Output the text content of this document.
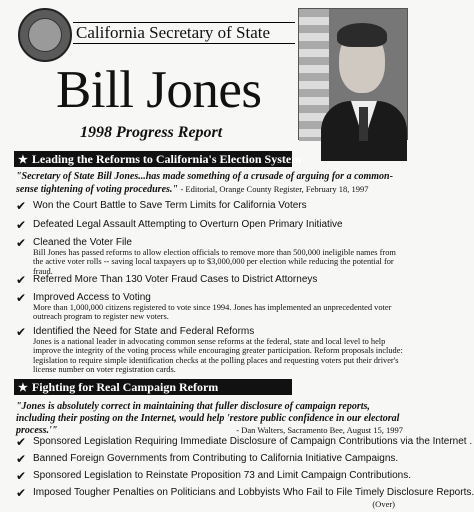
California Secretary of State
Bill Jones
1998 Progress Report
★ Leading the Reforms to California's Election System
"Secretary of State Bill Jones...has made something of a crusade of arguing for a common-sense tightening of voting procedures." - Editorial, Orange County Register, February 18, 1997
✔ Won the Court Battle to Save Term Limits for California Voters
✔ Defeated Legal Assault Attempting to Overturn Open Primary Initiative
✔ Cleaned the Voter File
Bill Jones has passed reforms to allow election officials to remove more than 500,000 ineligible names from the active voter rolls -- saving local taxpayers up to $3,000,000 per election while reducing the potential for fraud.
✔ Referred More Than 130 Voter Fraud Cases to District Attorneys
✔ Improved Access to Voting
More than 1,000,000 citizens registered to vote since 1994. Jones has implemented an unprecedented voter outreach program to register new voters.
✔ Identified the Need for State and Federal Reforms
Jones is a national leader in advocating common sense reforms at the federal, state and local level to help improve the integrity of the voting process while encouraging greater participation. Reform proposals include: legislation to require simple identification checks at the polling places and requesting voters put their driver's license number on voter registration cards.
★ Fighting for Real Campaign Reform
"Jones is absolutely correct in maintaining that fuller disclosure of campaign reports, including their posting on the Internet, would help 'restore public confidence in our electoral process.'"	- Dan Walters, Sacramento Bee, August 15, 1997
✔ Sponsored Legislation Requiring Immediate Disclosure of Campaign Contributions via the Internet .
✔ Banned Foreign Governments from Contributing to California Initiative Campaigns.
✔ Sponsored Legislation to Reinstate Proposition 73 and Limit Campaign Contributions.
✔ Imposed Tougher Penalties on Politicians and Lobbyists Who Fail to File Timely Disclosure Reports.
(Over)
